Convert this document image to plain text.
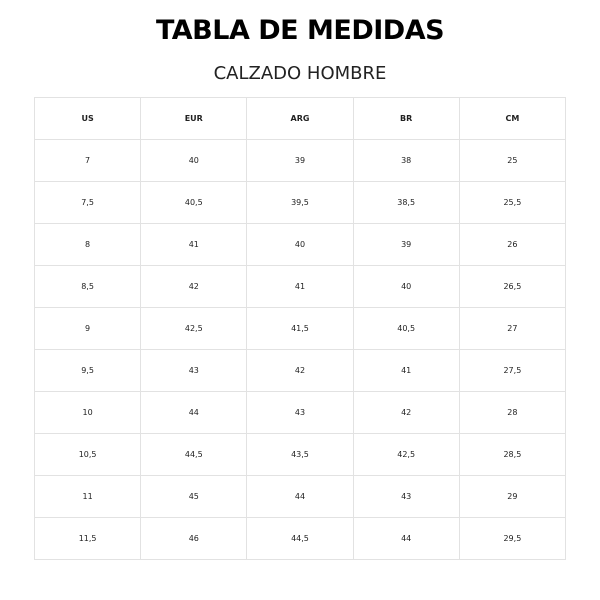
TABLA DE MEDIDAS
CALZADO HOMBRE
US	EUR	ARG	BR	CM
7	40	39	38	25
7,5	40,5	39,5	38,5	25,5
8	41	40	39	26
8,5	42	41	40	26,5
9	42,5	41,5	40,5	27
9,5	43	42	41	27,5
10	44	43	42	28
10,5	44,5	43,5	42,5	28,5
11	45	44	43	29
11,5	46	44,5	44	29,5
